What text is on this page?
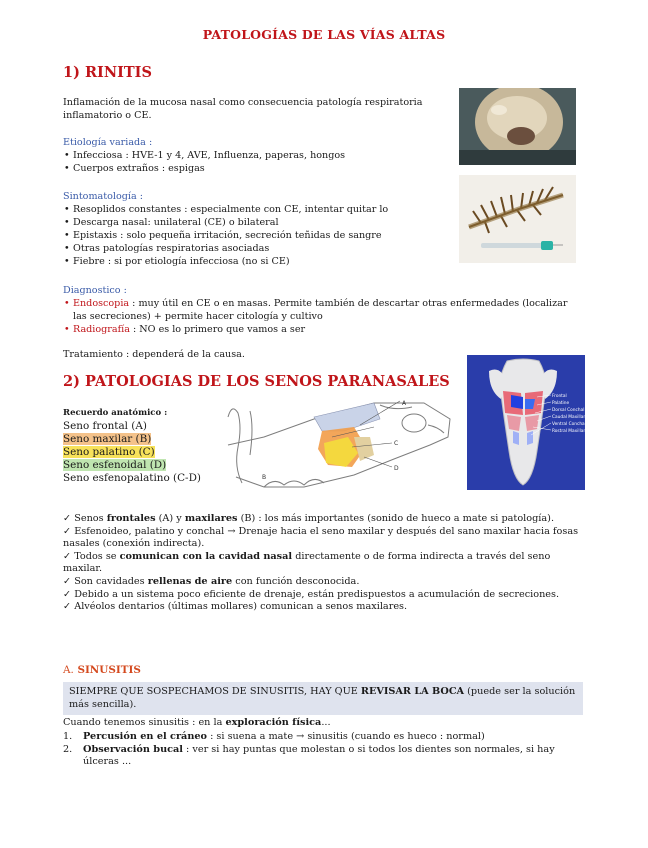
PATOLOGÍAS DE LAS VÍAS ALTAS
1) RINITIS
Inflamación de la mucosa nasal como consecuencia patología respiratoria inflamatorio o CE.
Etiología variada :
• Infecciosa : HVE-1 y 4, AVE, Influenza, paperas, hongos
• Cuerpos extraños : espigas
Sintomatología :
• Resoplidos constantes : especialmente con CE, intentar quitar lo
• Descarga nasal: unilateral (CE) o bilateral
• Epistaxis : solo pequeña irritación, secreción teñidas de sangre
• Otras patologías respiratorias asociadas
• Fiebre : si por etiología infecciosa (no si CE)
Diagnostico :
• Endoscopia : muy útil en CE o en masas. Permite también de descartar otras enfermedades (localizar las secreciones) + permite hacer citología y cultivo
• Radiografía : NO es lo primero que vamos a ser
Tratamiento : dependerá de la causa.
2) PATOLOGIAS DE LOS SENOS PARANASALES
Recuerdo anatómico :
Seno frontal (A)
Seno maxilar (B)
Seno palatino (C)
Seno esfenoidal (D)
Seno esfenopalatino (C-D)
A
B
C
D
Frontal
Palatine
Dorsal Conchal
Caudal Maxillary
Ventral Conchal
Rostral Maxillary
✓ Senos frontales (A) y maxilares (B) : los más importantes (sonido de hueco a mate si patología).
✓ Esfenoideo, palatino y conchal → Drenaje hacia el seno maxilar y después del sano maxilar hacia fosas nasales (conexión indirecta).
✓ Todos se comunican con la cavidad nasal directamente o de forma indirecta a través del seno maxilar.
✓ Son cavidades rellenas de aire con función desconocida.
✓ Debido a un sistema poco eficiente de drenaje, están predispuestos a acumulación de secreciones.
✓ Alvéolos dentarios (últimas mollares) comunican a senos maxilares.
A. SINUSITIS
SIEMPRE QUE SOSPECHAMOS DE SINUSITIS, HAY QUE REVISAR LA BOCA (puede ser la solución más sencilla).
Cuando tenemos sinusitis : en la exploración física...
1. Percusión en el cráneo : si suena a mate → sinusitis (cuando es hueco : normal)
2. Observación bucal : ver si hay puntas que molestan o si todos los dientes son normales, si hay úlceras ...
